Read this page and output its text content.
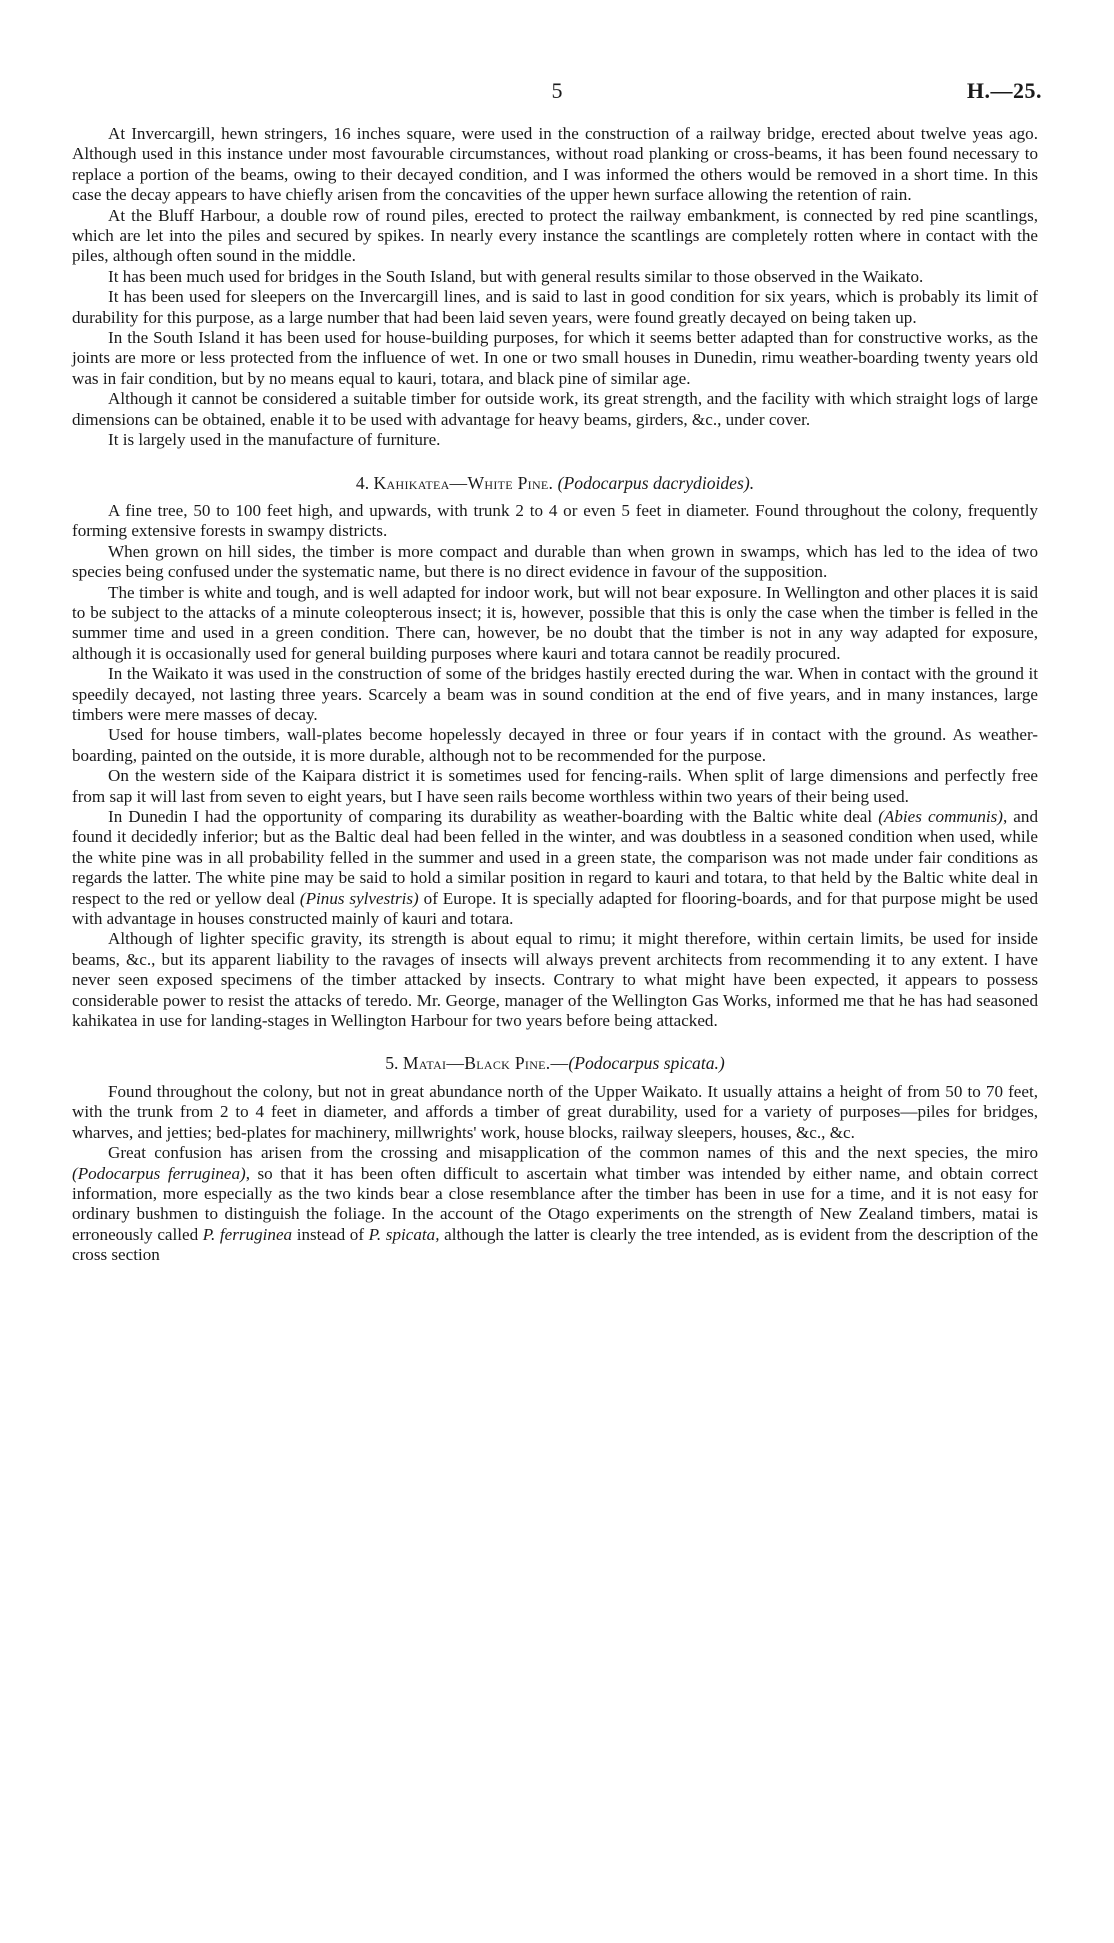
5	H.—25.

At Invercargill, hewn stringers, 16 inches square, were used in the construction of a railway bridge, erected about twelve yeas ago. Although used in this instance under most favourable circumstances, without road planking or cross-beams, it has been found necessary to replace a portion of the beams, owing to their decayed condition, and I was informed the others would be removed in a short time. In this case the decay appears to have chiefly arisen from the concavities of the upper hewn surface allowing the retention of rain.

At the Bluff Harbour, a double row of round piles, erected to protect the railway embankment, is connected by red pine scantlings, which are let into the piles and secured by spikes. In nearly every instance the scantlings are completely rotten where in contact with the piles, although often sound in the middle.

It has been much used for bridges in the South Island, but with general results similar to those observed in the Waikato.

It has been used for sleepers on the Invercargill lines, and is said to last in good condition for six years, which is probably its limit of durability for this purpose, as a large number that had been laid seven years, were found greatly decayed on being taken up.

In the South Island it has been used for house-building purposes, for which it seems better adapted than for constructive works, as the joints are more or less protected from the influence of wet. In one or two small houses in Dunedin, rimu weather-boarding twenty years old was in fair condition, but by no means equal to kauri, totara, and black pine of similar age.

Although it cannot be considered a suitable timber for outside work, its great strength, and the facility with which straight logs of large dimensions can be obtained, enable it to be used with advantage for heavy beams, girders, &c., under cover.

It is largely used in the manufacture of furniture.

4. Kahikatea—White Pine. (Podocarpus dacrydioides).

A fine tree, 50 to 100 feet high, and upwards, with trunk 2 to 4 or even 5 feet in diameter. Found throughout the colony, frequently forming extensive forests in swampy districts.

When grown on hill sides, the timber is more compact and durable than when grown in swamps, which has led to the idea of two species being confused under the systematic name, but there is no direct evidence in favour of the supposition.

The timber is white and tough, and is well adapted for indoor work, but will not bear exposure. In Wellington and other places it is said to be subject to the attacks of a minute coleopterous insect; it is, however, possible that this is only the case when the timber is felled in the summer time and used in a green condition. There can, however, be no doubt that the timber is not in any way adapted for exposure, although it is occasionally used for general building purposes where kauri and totara cannot be readily procured.

In the Waikato it was used in the construction of some of the bridges hastily erected during the war. When in contact with the ground it speedily decayed, not lasting three years. Scarcely a beam was in sound condition at the end of five years, and in many instances, large timbers were mere masses of decay.

Used for house timbers, wall-plates become hopelessly decayed in three or four years if in contact with the ground. As weather-boarding, painted on the outside, it is more durable, although not to be recommended for the purpose.

On the western side of the Kaipara district it is sometimes used for fencing-rails. When split of large dimensions and perfectly free from sap it will last from seven to eight years, but I have seen rails become worthless within two years of their being used.

In Dunedin I had the opportunity of comparing its durability as weather-boarding with the Baltic white deal (Abies communis), and found it decidedly inferior; but as the Baltic deal had been felled in the winter, and was doubtless in a seasoned condition when used, while the white pine was in all probability felled in the summer and used in a green state, the comparison was not made under fair conditions as regards the latter. The white pine may be said to hold a similar position in regard to kauri and totara, to that held by the Baltic white deal in respect to the red or yellow deal (Pinus sylvestris) of Europe. It is specially adapted for flooring-boards, and for that purpose might be used with advantage in houses constructed mainly of kauri and totara.

Although of lighter specific gravity, its strength is about equal to rimu; it might therefore, within certain limits, be used for inside beams, &c., but its apparent liability to the ravages of insects will always prevent architects from recommending it to any extent. I have never seen exposed specimens of the timber attacked by insects. Contrary to what might have been expected, it appears to possess considerable power to resist the attacks of teredo. Mr. George, manager of the Wellington Gas Works, informed me that he has had seasoned kahikatea in use for landing-stages in Wellington Harbour for two years before being attacked.

5. Matai—Black Pine.—(Podocarpus spicata.)

Found throughout the colony, but not in great abundance north of the Upper Waikato. It usually attains a height of from 50 to 70 feet, with the trunk from 2 to 4 feet in diameter, and affords a timber of great durability, used for a variety of purposes—piles for bridges, wharves, and jetties; bed-plates for machinery, millwrights' work, house blocks, railway sleepers, houses, &c., &c.

Great confusion has arisen from the crossing and misapplication of the common names of this and the next species, the miro (Podocarpus ferruginea), so that it has been often difficult to ascertain what timber was intended by either name, and obtain correct information, more especially as the two kinds bear a close resemblance after the timber has been in use for a time, and it is not easy for ordinary bushmen to distinguish the foliage. In the account of the Otago experiments on the strength of New Zealand timbers, matai is erroneously called P. ferruginea instead of P. spicata, although the latter is clearly the tree intended, as is evident from the description of the cross section
